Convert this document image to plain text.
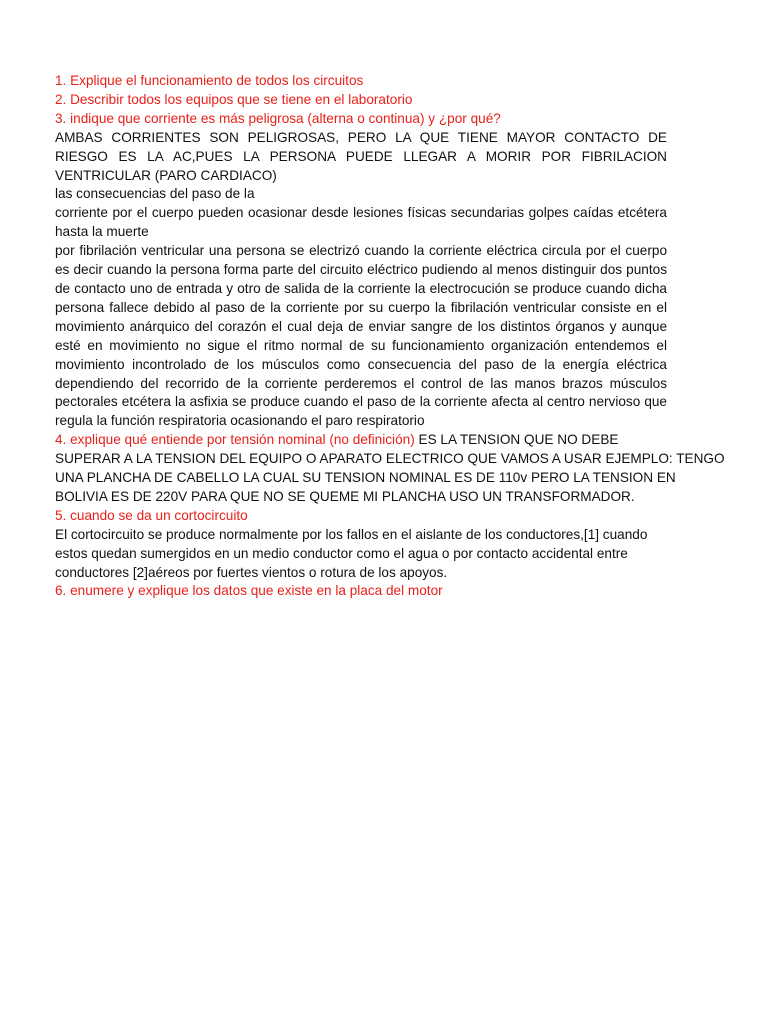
1. Explique el funcionamiento de todos los circuitos
2. Describir todos los equipos que se tiene en el laboratorio
3. indique que corriente es más peligrosa (alterna o continua) y ¿por qué?
AMBAS CORRIENTES SON PELIGROSAS, PERO LA QUE TIENE MAYOR CONTACTO DE RIESGO ES LA AC,PUES LA PERSONA PUEDE LLEGAR A MORIR POR FIBRILACION VENTRICULAR (PARO CARDIACO)
las consecuencias del paso de la
corriente por el cuerpo pueden ocasionar desde lesiones físicas secundarias golpes caídas etcétera hasta la muerte
por fibrilación ventricular una persona se electrizó cuando la corriente eléctrica circula por el cuerpo es decir cuando la persona forma parte del circuito eléctrico pudiendo al menos distinguir dos puntos de contacto uno de entrada y otro de salida de la corriente la electrocución se produce cuando dicha persona fallece debido al paso de la corriente por su cuerpo la fibrilación ventricular consiste en el movimiento anárquico del corazón el cual deja de enviar sangre de los distintos órganos y aunque esté en movimiento no sigue el ritmo normal de su funcionamiento organización entendemos el movimiento incontrolado de los músculos como consecuencia del paso de la energía eléctrica dependiendo del recorrido de la corriente perderemos el control de las manos brazos músculos pectorales etcétera la asfixia se produce cuando el paso de la corriente afecta al centro nervioso que regula la función respiratoria ocasionando el paro respiratorio
4. explique qué entiende por tensión nominal (no definición) ES LA TENSION QUE NO DEBE
SUPERAR A LA TENSION DEL EQUIPO O APARATO ELECTRICO QUE VAMOS A USAR EJEMPLO: TENGO
UNA PLANCHA DE CABELLO LA CUAL SU TENSION NOMINAL ES DE 110v PERO LA TENSION EN
BOLIVIA ES DE 220V PARA QUE NO SE QUEME MI PLANCHA USO UN TRANSFORMADOR.
5. cuando se da un cortocircuito
El cortocircuito se produce normalmente por los fallos en el aislante de los conductores,[1] cuando
estos quedan sumergidos en un medio conductor como el agua o por contacto accidental entre
conductores [2]aéreos por fuertes vientos o rotura de los apoyos.
6. enumere y explique los datos que existe en la placa del motor
